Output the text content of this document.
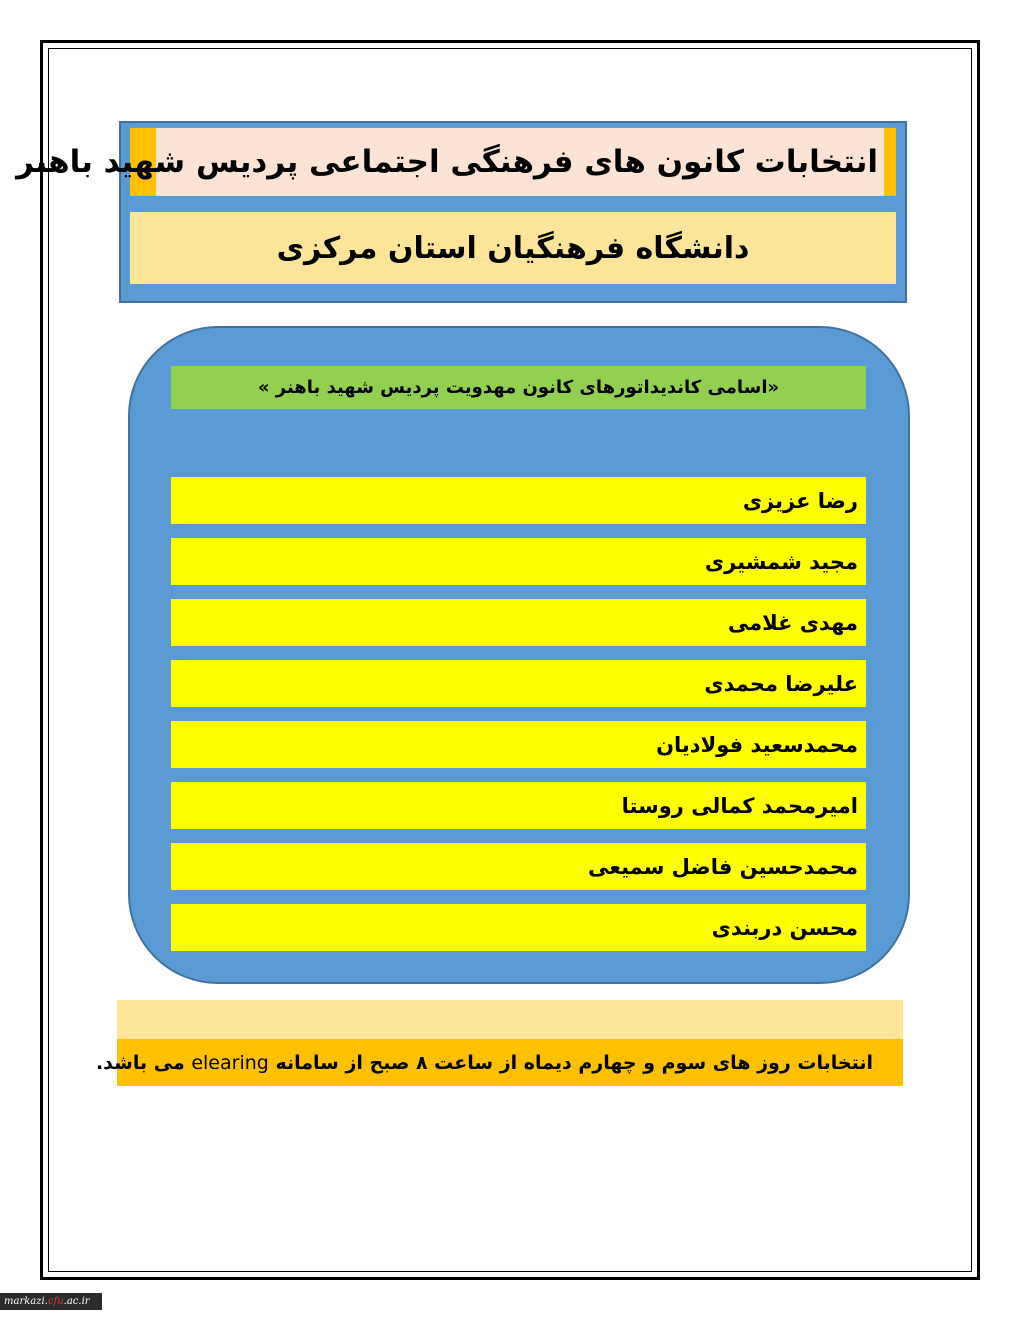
انتخابات کانون های فرهنگی اجتماعی پردیس شهید باهنر
دانشگاه فرهنگیان استان مرکزی
«اسامی کاندیداتورهای کانون مهدویت پردیس شهید باهنر »
رضا عزیزی
مجید شمشیری
مهدی غلامی
علیرضا محمدی
محمدسعید فولادیان
امیرمحمد کمالی روستا
محمدحسین فاضل سمیعی
محسن دربندی
انتخابات روز های سوم و چهارم دیماه از ساعت ۸ صبح از سامانه elearing می باشد.
markazi. cfu .ac.ir
